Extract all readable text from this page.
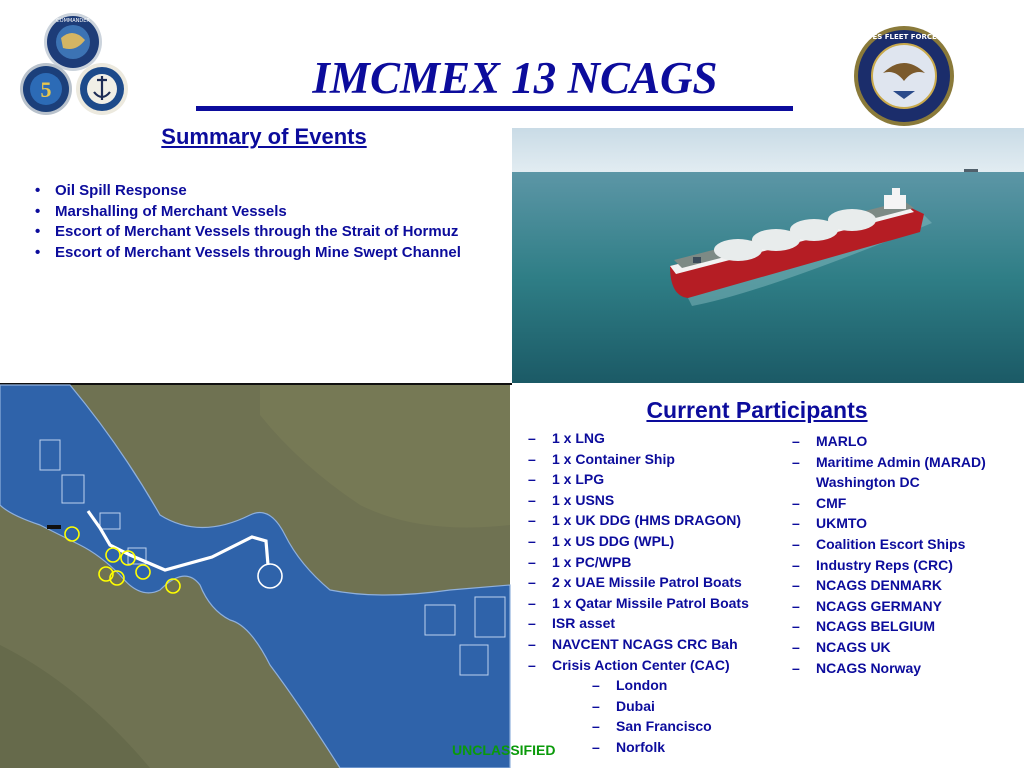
COMMANDER
5
UNITED STATES FLEET FORCES COMMAND
IMCMEX 13 NCAGS
Summary of Events
• Oil Spill Response
• Marshalling of Merchant Vessels
• Escort of Merchant Vessels through the Strait of Hormuz
• Escort of Merchant Vessels through Mine Swept Channel
Current Participants
– 1 x LNG
– 1 x Container Ship
– 1 x LPG
– 1 x USNS
– 1 x UK DDG (HMS DRAGON)
– 1 x US DDG (WPL)
– 1 x PC/WPB
– 2 x UAE Missile Patrol Boats
– 1 x Qatar Missile Patrol Boats
– ISR asset
– NAVCENT NCAGS CRC Bah
– Crisis Action Center (CAC)
– London
– Dubai
– San Francisco
– Norfolk
– MARLO
– Maritime Admin (MARAD) Washington DC
– CMF
– UKMTO
– Coalition Escort Ships
– Industry Reps (CRC)
– NCAGS DENMARK
– NCAGS GERMANY
– NCAGS BELGIUM
– NCAGS UK
– NCAGS Norway
UNCLASSIFIED
